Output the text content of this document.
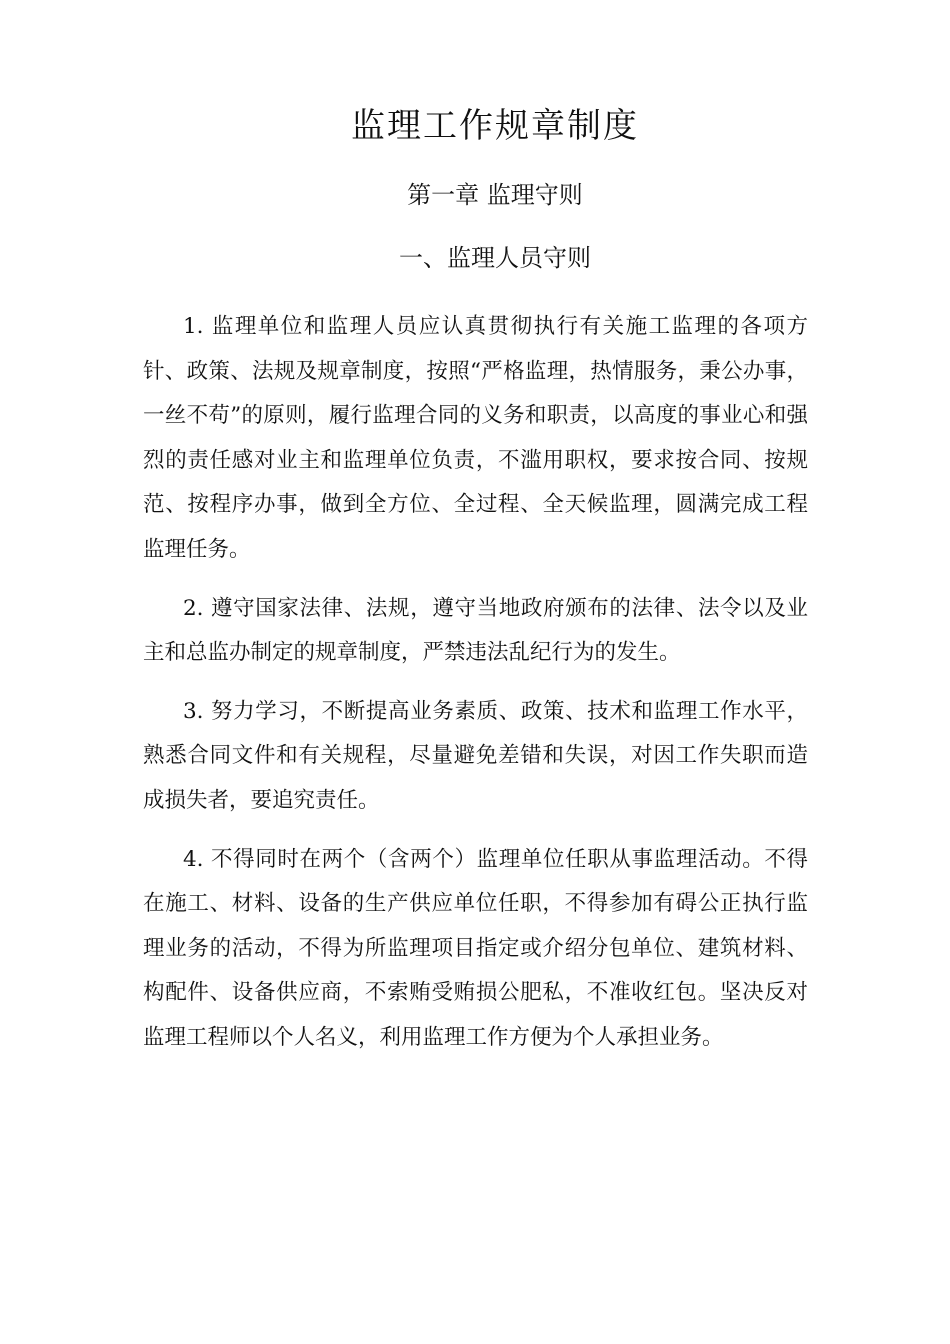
监理工作规章制度
第一章 监理守则
一、监理人员守则

1. 监理单位和监理人员应认真贯彻执行有关施工监理的各项方针、政策、法规及规章制度，按照“严格监理，热情服务，秉公办事，一丝不苟”的原则，履行监理合同的义务和职责，以高度的事业心和强烈的责任感对业主和监理单位负责，不滥用职权，要求按合同、按规范、按程序办事，做到全方位、全过程、全天候监理，圆满完成工程监理任务。

2. 遵守国家法律、法规，遵守当地政府颁布的法律、法令以及业主和总监办制定的规章制度，严禁违法乱纪行为的发生。

3. 努力学习，不断提高业务素质、政策、技术和监理工作水平，熟悉合同文件和有关规程，尽量避免差错和失误，对因工作失职而造成损失者，要追究责任。

4. 不得同时在两个（含两个）监理单位任职从事监理活动。不得在施工、材料、设备的生产供应单位任职，不得参加有碍公正执行监理业务的活动，不得为所监理项目指定或介绍分包单位、建筑材料、构配件、设备供应商，不索贿受贿损公肥私，不准收红包。坚决反对监理工程师以个人名义，利用监理工作方便为个人承担业务。
